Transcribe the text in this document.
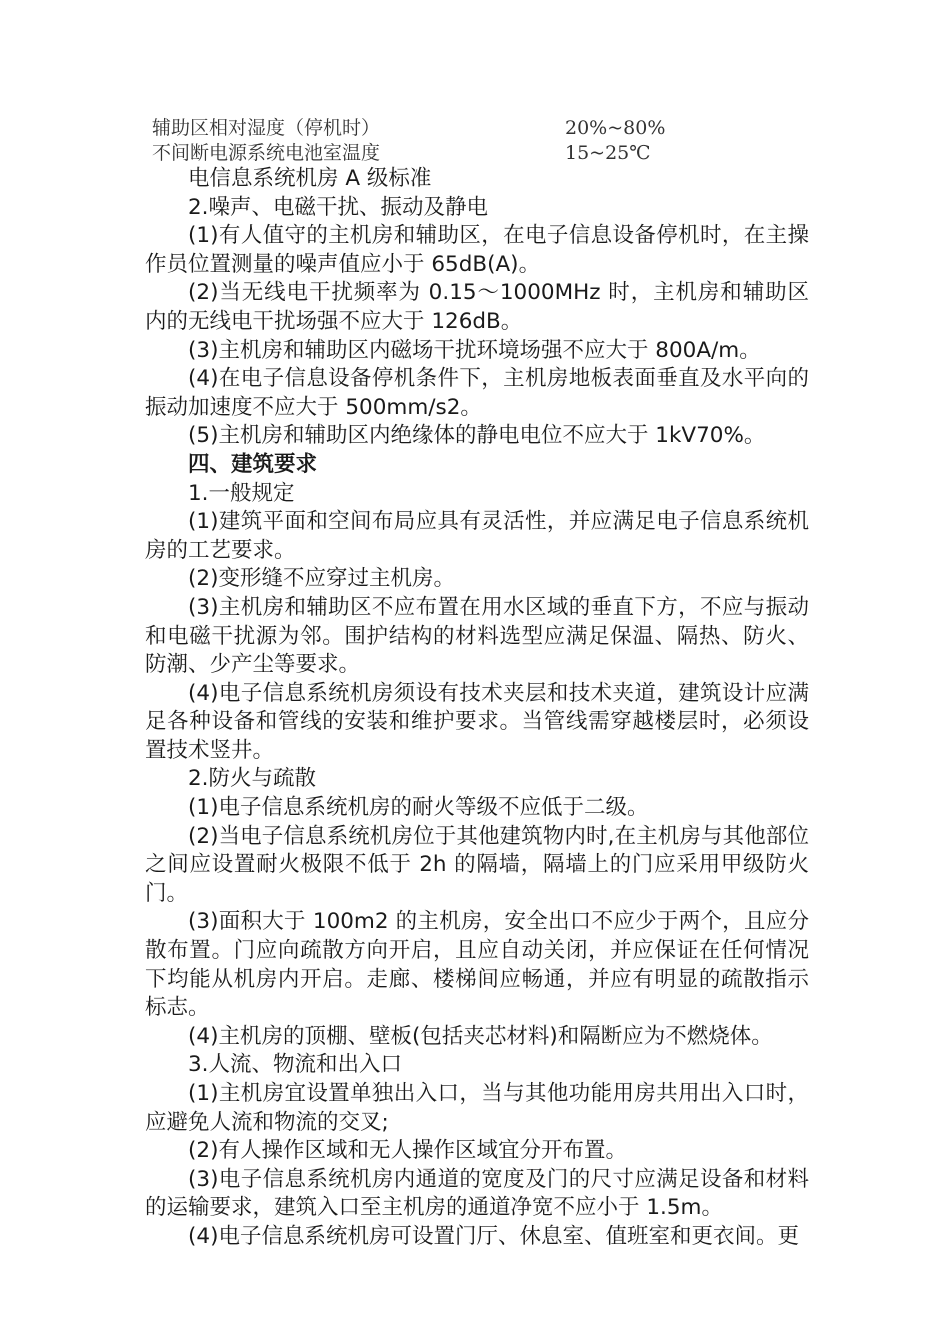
辅助区相对湿度（停机时）	20%~80%
不间断电源系统电池室温度	15~25℃

电信息系统机房 A 级标准

2.噪声、电磁干扰、振动及静电

(1)有人值守的主机房和辅助区，在电子信息设备停机时，在主操作员位置测量的噪声值应小于 65dB(A)。

(2)当无线电干扰频率为 0.15～1000MHz 时，主机房和辅助区内的无线电干扰场强不应大于 126dB。

(3)主机房和辅助区内磁场干扰环境场强不应大于 800A/m。

(4)在电子信息设备停机条件下，主机房地板表面垂直及水平向的振动加速度不应大于 500mm/s2。

(5)主机房和辅助区内绝缘体的静电电位不应大于 1kV70%。

四、建筑要求

1.一般规定

(1)建筑平面和空间布局应具有灵活性，并应满足电子信息系统机房的工艺要求。

(2)变形缝不应穿过主机房。

(3)主机房和辅助区不应布置在用水区域的垂直下方，不应与振动和电磁干扰源为邻。围护结构的材料选型应满足保温、隔热、防火、防潮、少产尘等要求。

(4)电子信息系统机房须设有技术夹层和技术夹道，建筑设计应满足各种设备和管线的安装和维护要求。当管线需穿越楼层时，必须设置技术竖井。

2.防火与疏散

(1)电子信息系统机房的耐火等级不应低于二级。

(2)当电子信息系统机房位于其他建筑物内时,在主机房与其他部位之间应设置耐火极限不低于 2h 的隔墙，隔墙上的门应采用甲级防火门。

(3)面积大于 100m2 的主机房，安全出口不应少于两个，且应分散布置。门应向疏散方向开启，且应自动关闭，并应保证在任何情况下均能从机房内开启。走廊、楼梯间应畅通，并应有明显的疏散指示标志。

(4)主机房的顶棚、壁板(包括夹芯材料)和隔断应为不燃烧体。

3.人流、物流和出入口

(1)主机房宜设置单独出入口，当与其他功能用房共用出入口时，应避免人流和物流的交叉;

(2)有人操作区域和无人操作区域宜分开布置。

(3)电子信息系统机房内通道的宽度及门的尺寸应满足设备和材料的运输要求，建筑入口至主机房的通道净宽不应小于 1.5m。

(4)电子信息系统机房可设置门厅、休息室、值班室和更衣间。更
